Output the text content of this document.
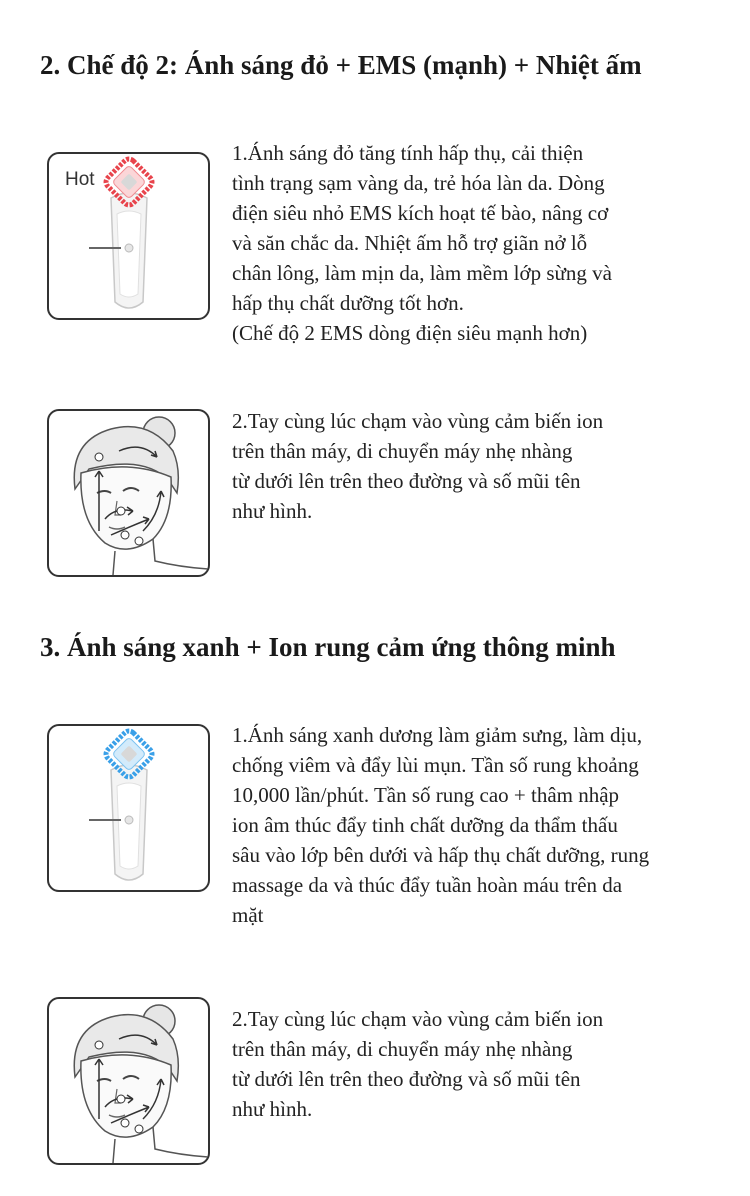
2. Chế độ 2: Ánh sáng đỏ + EMS (mạnh) + Nhiệt ấm
Hot

1.Ánh sáng đỏ tăng tính hấp thụ, cải thiện

tình trạng sạm vàng da, trẻ hóa làn da. Dòng

điện siêu nhỏ EMS kích hoạt tế bào, nâng cơ

và săn chắc da. Nhiệt ấm hỗ trợ giãn nở lỗ

chân lông, làm mịn da, làm mềm lớp sừng và

hấp thụ chất dưỡng tốt hơn.

(Chế độ 2 EMS dòng điện siêu mạnh hơn)

2.Tay cùng lúc chạm vào vùng cảm biến ion

trên thân máy, di chuyển máy nhẹ nhàng

từ dưới lên trên theo đường và số mũi tên

như hình.

3. Ánh sáng xanh + Ion rung cảm ứng thông minh

1.Ánh sáng xanh dương làm giảm sưng, làm dịu,

chống viêm và đẩy lùi mụn. Tần số rung khoảng

10,000 lần/phút. Tần số rung cao + thâm nhập

ion âm thúc đẩy tinh chất dưỡng da thẩm thấu

sâu vào lớp bên dưới và hấp thụ chất dưỡng, rung

massage da và thúc đẩy tuần hoàn máu trên da

mặt

2.Tay cùng lúc chạm vào vùng cảm biến ion

trên thân máy, di chuyển máy nhẹ nhàng

từ dưới lên trên theo đường và số mũi tên

như hình.
